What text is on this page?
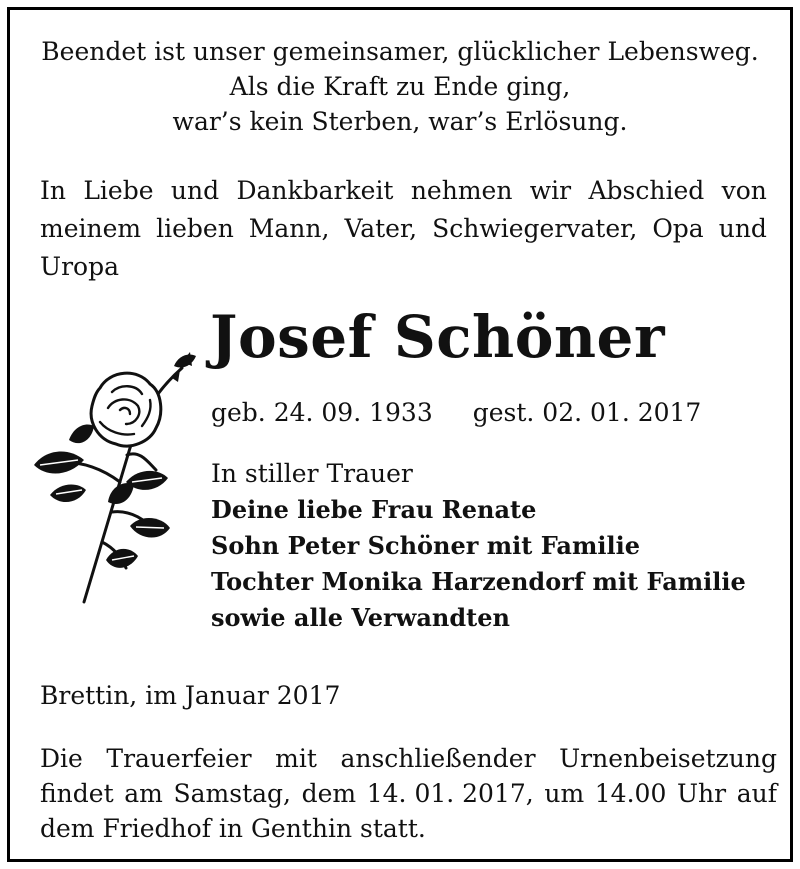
Beendet ist unser gemeinsamer, glücklicher Lebensweg.
Als die Kraft zu Ende ging,
war’s kein Sterben, war’s Erlösung.
In Liebe und Dankbarkeit nehmen wir Abschied von
meinem lieben Mann, Vater, Schwiegervater, Opa und
Uropa
Josef Schöner
geb. 24. 09. 1933 gest. 02. 01. 2017
In stiller Trauer
Deine liebe Frau Renate
Sohn Peter Schöner mit Familie
Tochter Monika Harzendorf mit Familie
sowie alle Verwandten
Brettin, im Januar 2017
Die Trauerfeier mit anschließender Urnenbeisetzung
findet am Samstag, dem 14. 01. 2017, um 14.00 Uhr auf
dem Friedhof in Genthin statt.
